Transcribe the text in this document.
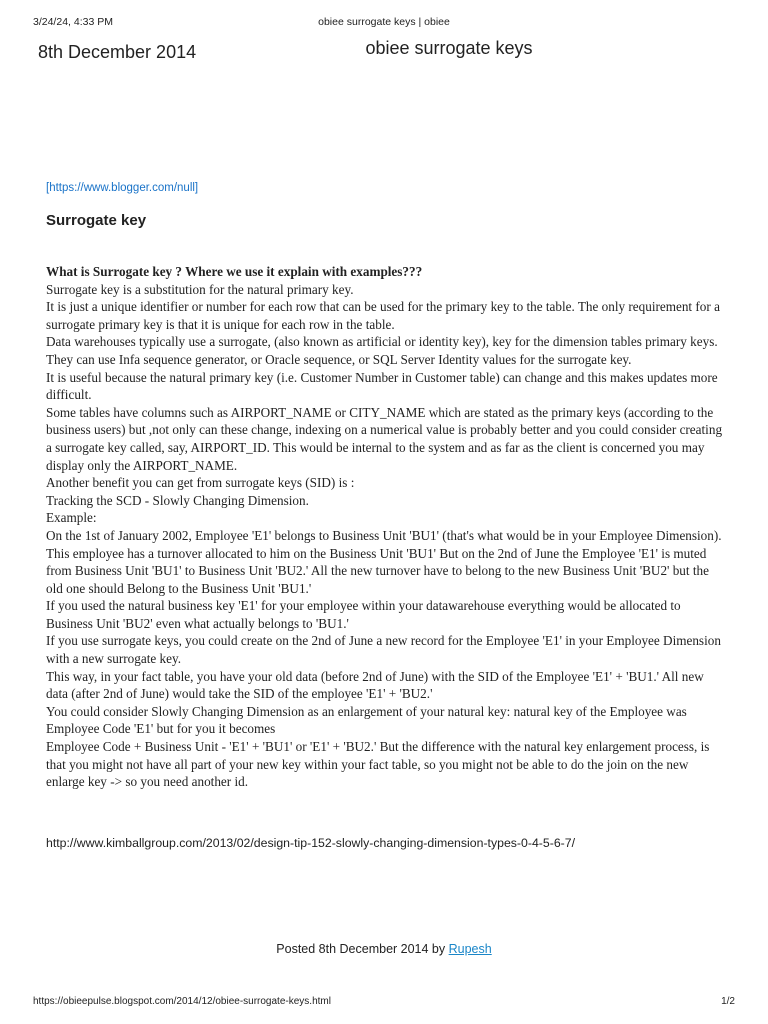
3/24/24, 4:33 PM	obiee surrogate keys | obiee
8th December 2014	obiee surrogate keys
[https://www.blogger.com/null]
Surrogate key

What is Surrogate key ? Where we use it explain with examples???

Surrogate key is a substitution for the natural primary key.

It is just a unique identifier or number for each row that can be used for the primary key to the table. The only requirement for a surrogate primary key is that it is unique for each row in the table.

Data warehouses typically use a surrogate, (also known as artificial or identity key), key for the dimension tables primary keys. They can use Infa sequence generator, or Oracle sequence, or SQL Server Identity values for the surrogate key.

It is useful because the natural primary key (i.e. Customer Number in Customer table) can change and this makes updates more difficult.

Some tables have columns such as AIRPORT_NAME or CITY_NAME which are stated as the primary keys (according to the business users) but ,not only can these change, indexing on a numerical value is probably better and you could consider creating a surrogate key called, say, AIRPORT_ID. This would be internal to the system and as far as the client is concerned you may display only the AIRPORT_NAME.

Another benefit you can get from surrogate keys (SID) is :

Tracking the SCD - Slowly Changing Dimension.

Example:

On the 1st of January 2002, Employee 'E1' belongs to Business Unit 'BU1' (that's what would be in your Employee Dimension). This employee has a turnover allocated to him on the Business Unit 'BU1' But on the 2nd of June the Employee 'E1' is muted from Business Unit 'BU1' to Business Unit 'BU2.' All the new turnover have to belong to the new Business Unit 'BU2' but the old one should Belong to the Business Unit 'BU1.'

If you used the natural business key 'E1' for your employee within your datawarehouse everything would be allocated to Business Unit 'BU2' even what actually belongs to 'BU1.'

If you use surrogate keys, you could create on the 2nd of June a new record for the Employee 'E1' in your Employee Dimension with a new surrogate key.

This way, in your fact table, you have your old data (before 2nd of June) with the SID of the Employee 'E1' + 'BU1.' All new data (after 2nd of June) would take the SID of the employee 'E1' + 'BU2.'

You could consider Slowly Changing Dimension as an enlargement of your natural key: natural key of the Employee was Employee Code 'E1' but for you it becomes

Employee Code + Business Unit - 'E1' + 'BU1' or 'E1' + 'BU2.' But the difference with the natural key enlargement process, is that you might not have all part of your new key within your fact table, so you might not be able to do the join on the new enlarge key -> so you need another id.

http://www.kimballgroup.com/2013/02/design-tip-152-slowly-changing-dimension-types-0-4-5-6-7/
Posted 8th December 2014 by Rupesh
https://obieepulse.blogspot.com/2014/12/obiee-surrogate-keys.html	1/2
